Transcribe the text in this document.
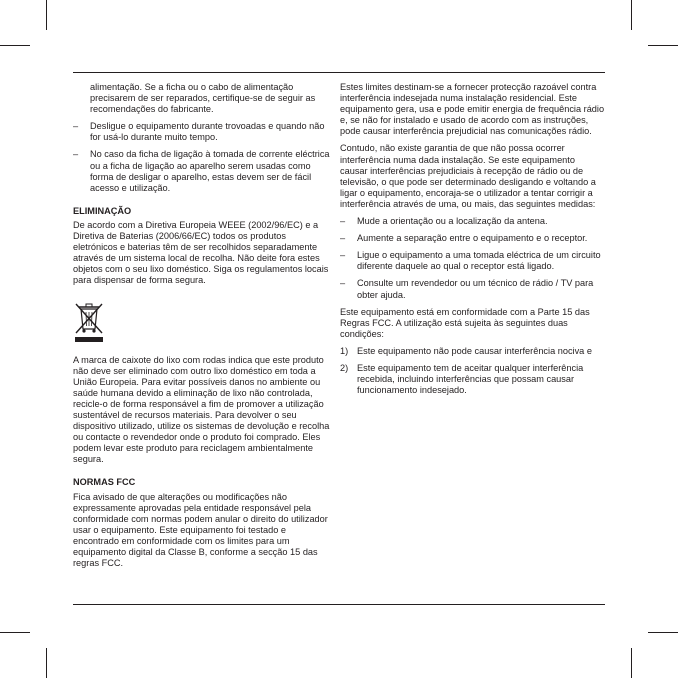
alimentação. Se a ficha ou o cabo de alimentação precisarem de ser reparados, certifique-se de seguir as recomendações do fabricante.

– Desligue o equipamento durante trovoadas e quando não for usá-lo durante muito tempo.
– No caso da ficha de ligação à tomada de corrente eléctrica ou a ficha de ligação ao aparelho serem usadas como forma de desligar o aparelho, estas devem ser de fácil acesso e utilização.
ELIMINAÇÃO

De acordo com a Diretiva Europeia WEEE (2002/96/EC) e a Diretiva de Baterias (2006/66/EC) todos os produtos eletrónicos e baterias têm de ser recolhidos separadamente através de um sistema local de recolha. Não deite fora estes objetos com o seu lixo doméstico. Siga os regulamentos locais para dispensar de forma segura.

A marca de caixote do lixo com rodas indica que este produto não deve ser eliminado com outro lixo doméstico em toda a União Europeia. Para evitar possíveis danos no ambiente ou saúde humana devido a eliminação de lixo não controlada, recicle-o de forma responsável a fim de promover a utilização sustentável de recursos materiais. Para devolver o seu dispositivo utilizado, utilize os sistemas de devolução e recolha ou contacte o revendedor onde o produto foi comprado. Eles podem levar este produto para reciclagem ambientalmente segura.

NORMAS FCC

Fica avisado de que alterações ou modificações não expressamente aprovadas pela entidade responsável pela conformidade com normas podem anular o direito do utilizador usar o equipamento. Este equipamento foi testado e encontrado em conformidade com os limites para um equipamento digital da Classe B, conforme a secção 15 das regras FCC.

Estes limites destinam-se a fornecer protecção razoável contra interferência indesejada numa instalação residencial. Este equipamento gera, usa e pode emitir energia de frequência rádio e, se não for instalado e usado de acordo com as instruções, pode causar interferência prejudicial nas comunicações rádio.

Contudo, não existe garantia de que não possa ocorrer interferência numa dada instalação. Se este equipamento causar interferências prejudiciais à recepção de rádio ou de televisão, o que pode ser determinado desligando e voltando a ligar o equipamento, encoraja-se o utilizador a tentar corrigir a interferência através de uma, ou mais, das seguintes medidas:

– Mude a orientação ou a localização da antena.
– Aumente a separação entre o equipamento e o receptor.
– Ligue o equipamento a uma tomada eléctrica de um circuito diferente daquele ao qual o receptor está ligado.
– Consulte um revendedor ou um técnico de rádio / TV para obter ajuda.

Este equipamento está em conformidade com a Parte 15 das Regras FCC. A utilização está sujeita às seguintes duas condições:

1) Este equipamento não pode causar interferência nociva e
2) Este equipamento tem de aceitar qualquer interferência recebida, incluindo interferências que possam causar funcionamento indesejado.
